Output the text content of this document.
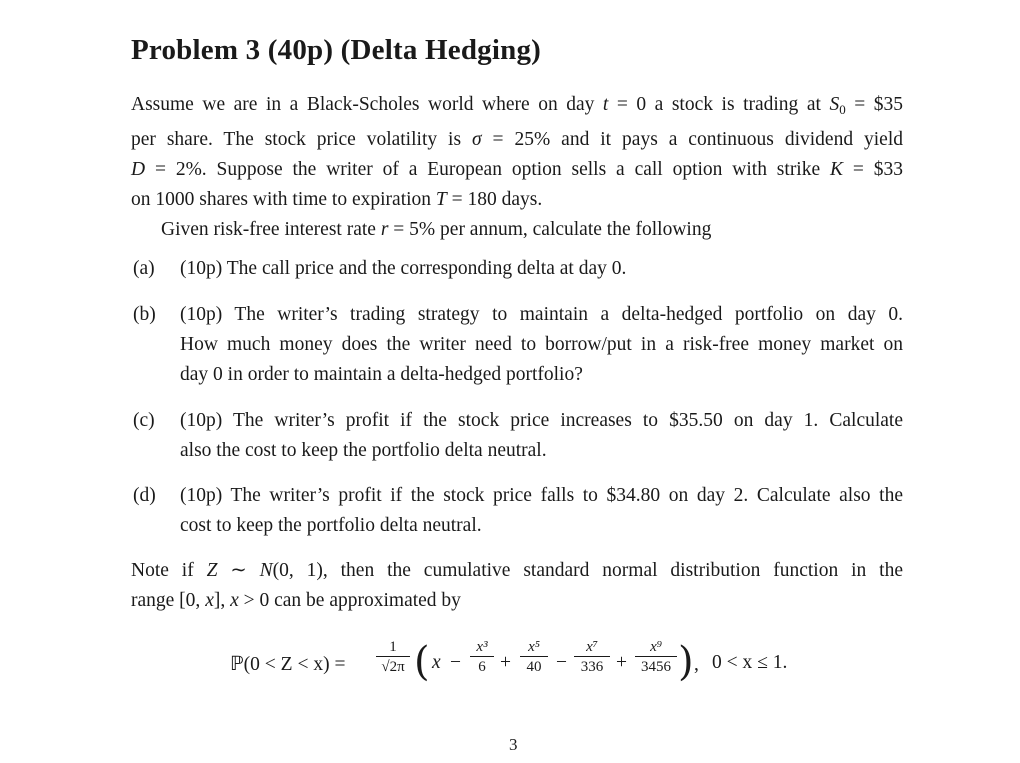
Problem 3 (40p) (Delta Hedging)
Assume we are in a Black-Scholes world where on day t = 0 a stock is trading at $S_0$ = $35
per share. The stock price volatility is σ = 25% and it pays a continuous dividend yield
D = 2%. Suppose the writer of a European option sells a call option with strike K = $33
on 1000 shares with time to expiration T = 180 days.
Given risk-free interest rate r = 5% per annum, calculate the following
(a) (10p) The call price and the corresponding delta at day 0.
(b) (10p) The writer’s trading strategy to maintain a delta-hedged portfolio on day 0.
How much money does the writer need to borrow/put in a risk-free money market on
day 0 in order to maintain a delta-hedged portfolio?
(c) (10p) The writer’s profit if the stock price increases to $35.50 on day 1. Calculate
also the cost to keep the portfolio delta neutral.
(d) (10p) The writer’s profit if the stock price falls to $34.80 on day 2. Calculate also the
cost to keep the portfolio delta neutral.
Note if Z ∼ N(0, 1), then the cumulative standard normal distribution function in the
range [0, x], x > 0 can be approximated by
ℙ(0 < Z < x) =
1
√2π ( x −
x³
6 +
x⁵
40 −
x⁷
336 +
x⁹
3456 ) , 0 < x ≤ 1.
3
